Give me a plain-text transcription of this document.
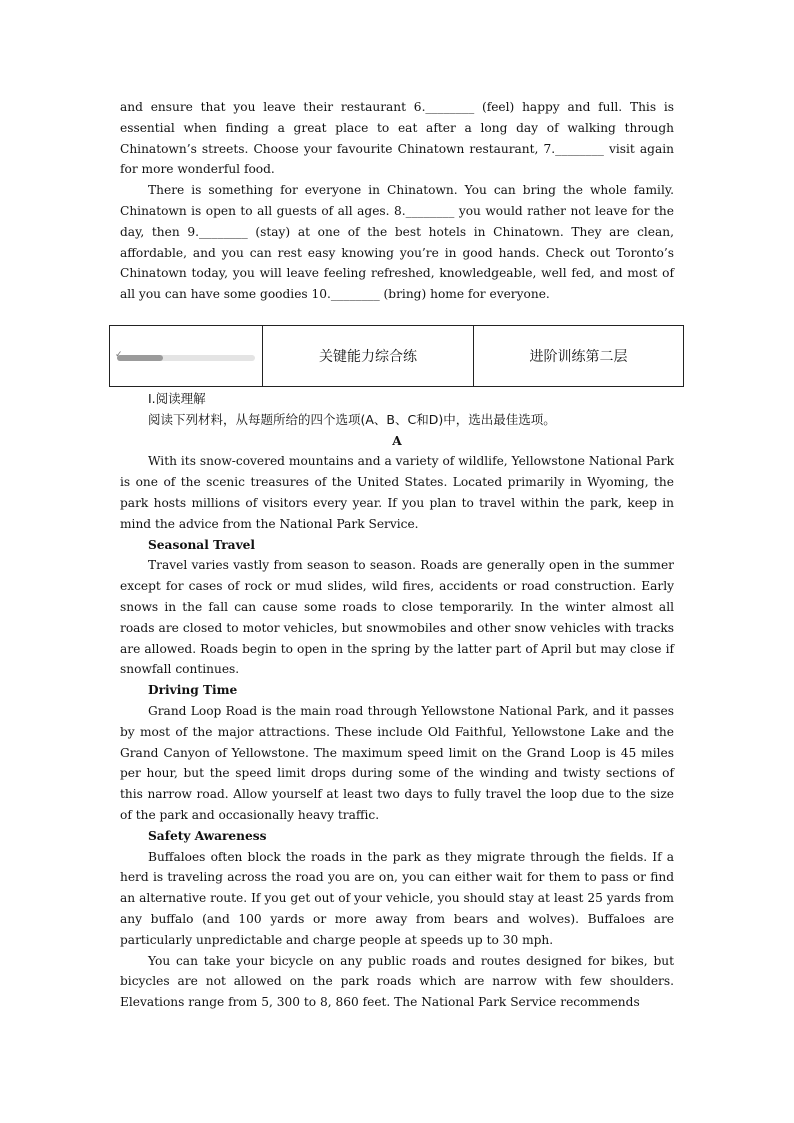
and ensure that you leave their restaurant 6.________ (feel) happy and full. This is essential when finding a great place to eat after a long day of walking through Chinatown’s streets. Choose your favourite Chinatown restaurant, 7.________ visit again for more wonderful food.

There is something for everyone in Chinatown. You can bring the whole family. Chinatown is open to all guests of all ages. 8.________ you would rather not leave for the day, then 9.________ (stay) at one of the best hotels in Chinatown. They are clean, affordable, and you can rest easy knowing you’re in good hands. Check out Toronto’s Chinatown today, you will leave feeling refreshed, knowledgeable, well fed, and most of all you can have some goodies 10.________ (bring) home for everyone.

✓	关键能力综合练	进阶训练第二层

Ⅰ.阅读理解

阅读下列材料，从每题所给的四个选项(A、B、C和D)中，选出最佳选项。

A

With its snow-covered mountains and a variety of wildlife, Yellowstone National Park is one of the scenic treasures of the United States. Located primarily in Wyoming, the park hosts millions of visitors every year. If you plan to travel within the park, keep in mind the advice from the National Park Service.

Seasonal Travel

Travel varies vastly from season to season. Roads are generally open in the summer except for cases of rock or mud slides, wild fires, accidents or road construction. Early snows in the fall can cause some roads to close temporarily. In the winter almost all roads are closed to motor vehicles, but snowmobiles and other snow vehicles with tracks are allowed. Roads begin to open in the spring by the latter part of April but may close if snowfall continues.

Driving Time

Grand Loop Road is the main road through Yellowstone National Park, and it passes by most of the major attractions. These include Old Faithful, Yellowstone Lake and the Grand Canyon of Yellowstone. The maximum speed limit on the Grand Loop is 45 miles per hour, but the speed limit drops during some of the winding and twisty sections of this narrow road. Allow yourself at least two days to fully travel the loop due to the size of the park and occasionally heavy traffic.

Safety Awareness

Buffaloes often block the roads in the park as they migrate through the fields. If a herd is traveling across the road you are on, you can either wait for them to pass or find an alternative route. If you get out of your vehicle, you should stay at least 25 yards from any buffalo (and 100 yards or more away from bears and wolves). Buffaloes are particularly unpredictable and charge people at speeds up to 30 mph.

You can take your bicycle on any public roads and routes designed for bikes, but bicycles are not allowed on the park roads which are narrow with few shoulders. Elevations range from 5, 300 to 8, 860 feet. The National Park Service recommends
